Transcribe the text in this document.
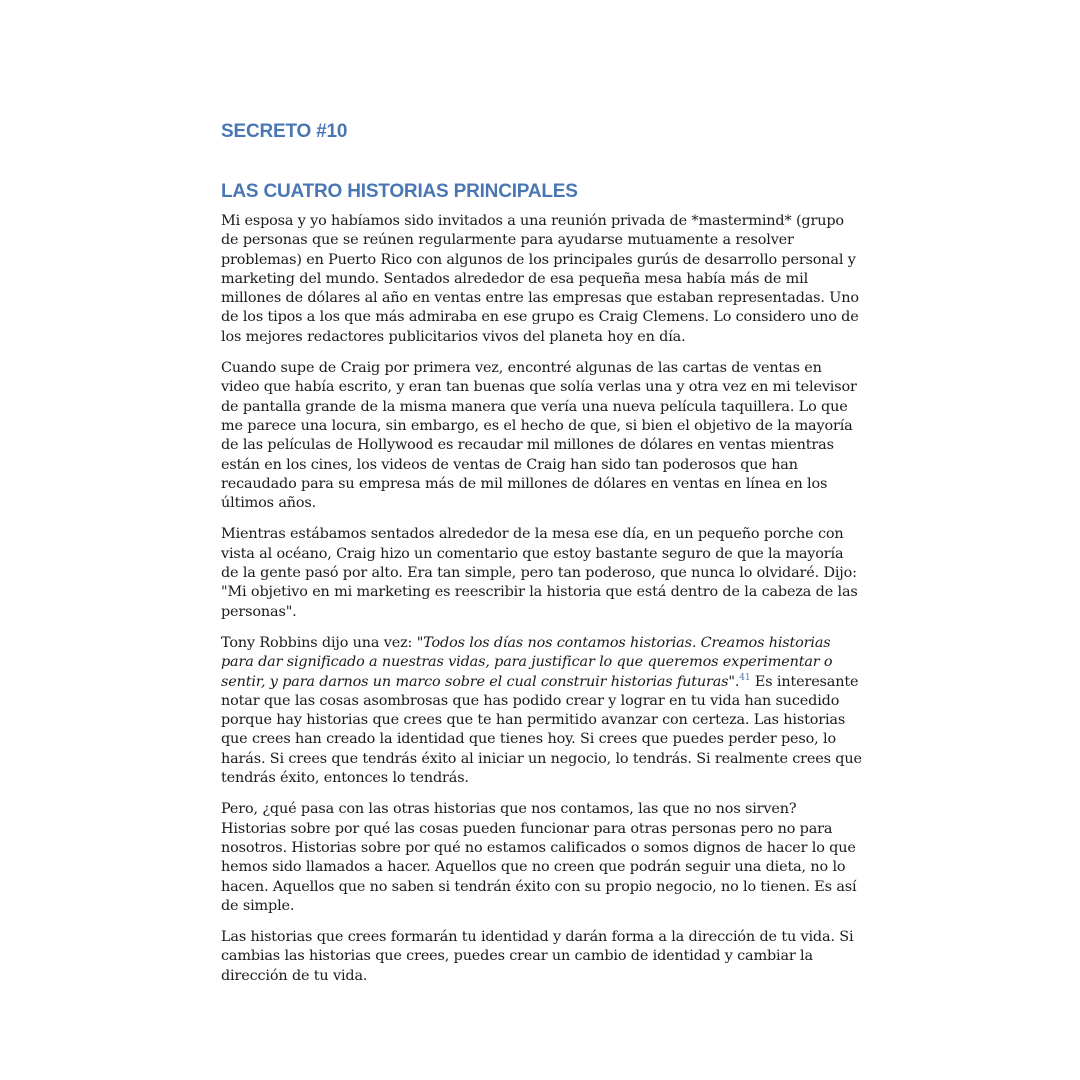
SECRETO #10
LAS CUATRO HISTORIAS PRINCIPALES

Mi esposa y yo habíamos sido invitados a una reunión privada de *mastermind* (grupo de personas que se reúnen regularmente para ayudarse mutuamente a resolver problemas) en Puerto Rico con algunos de los principales gurús de desarrollo personal y marketing del mundo. Sentados alrededor de esa pequeña mesa había más de mil millones de dólares al año en ventas entre las empresas que estaban representadas. Uno de los tipos a los que más admiraba en ese grupo es Craig Clemens. Lo considero uno de los mejores redactores publicitarios vivos del planeta hoy en día.

Cuando supe de Craig por primera vez, encontré algunas de las cartas de ventas en video que había escrito, y eran tan buenas que solía verlas una y otra vez en mi televisor de pantalla grande de la misma manera que vería una nueva película taquillera. Lo que me parece una locura, sin embargo, es el hecho de que, si bien el objetivo de la mayoría de las películas de Hollywood es recaudar mil millones de dólares en ventas mientras están en los cines, los videos de ventas de Craig han sido tan poderosos que han recaudado para su empresa más de mil millones de dólares en ventas en línea en los últimos años.

Mientras estábamos sentados alrededor de la mesa ese día, en un pequeño porche con vista al océano, Craig hizo un comentario que estoy bastante seguro de que la mayoría de la gente pasó por alto. Era tan simple, pero tan poderoso, que nunca lo olvidaré. Dijo: "Mi objetivo en mi marketing es reescribir la historia que está dentro de la cabeza de las personas".

Tony Robbins dijo una vez: "Todos los días nos contamos historias. Creamos historias para dar significado a nuestras vidas, para justificar lo que queremos experimentar o sentir, y para darnos un marco sobre el cual construir historias futuras".$^{41}$ Es interesante notar que las cosas asombrosas que has podido crear y lograr en tu vida han sucedido porque hay historias que crees que te han permitido avanzar con certeza. Las historias que crees han creado la identidad que tienes hoy. Si crees que puedes perder peso, lo harás. Si crees que tendrás éxito al iniciar un negocio, lo tendrás. Si realmente crees que tendrás éxito, entonces lo tendrás.

Pero, ¿qué pasa con las otras historias que nos contamos, las que no nos sirven? Historias sobre por qué las cosas pueden funcionar para otras personas pero no para nosotros. Historias sobre por qué no estamos calificados o somos dignos de hacer lo que hemos sido llamados a hacer. Aquellos que no creen que podrán seguir una dieta, no lo hacen. Aquellos que no saben si tendrán éxito con su propio negocio, no lo tienen. Es así de simple.

Las historias que crees formarán tu identidad y darán forma a la dirección de tu vida. Si cambias las historias que crees, puedes crear un cambio de identidad y cambiar la dirección de tu vida.
